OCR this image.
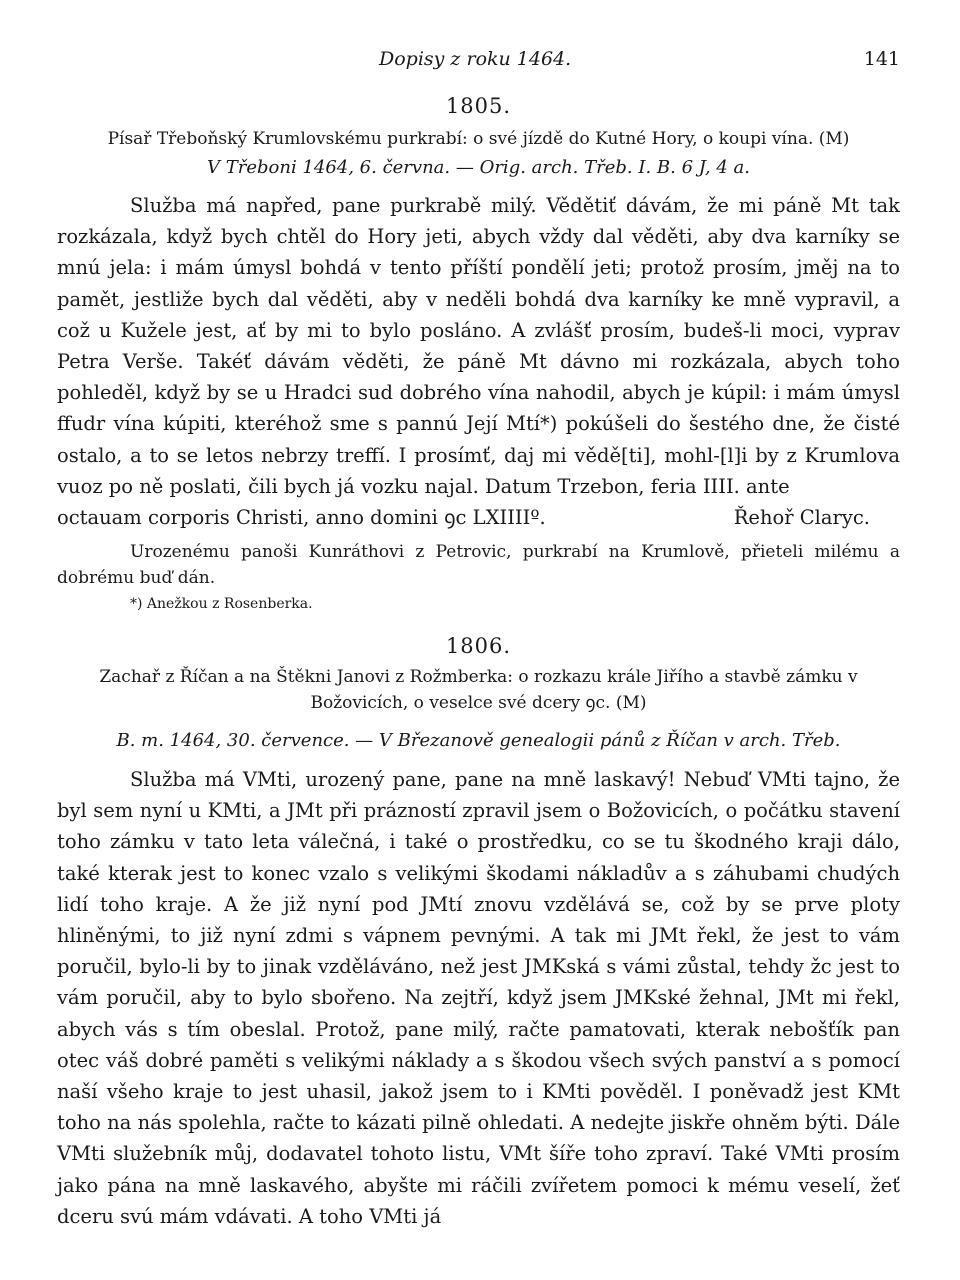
Dopisy z roku 1464.	141
1805.
Písař Třeboňský Krumlovskému purkrabí: o své jízdě do Kutné Hory, o koupi vína. (M)
V Třeboni 1464, 6. června. — Orig. arch. Třeb. I. B. 6 J, 4 a.

Služba má napřed, pane purkrabě milý. Vědětiť dávám, že mi páně Mt tak rozkázala, když bych chtěl do Hory jeti, abych vždy dal věděti, aby dva karníky se mnú jela: i mám úmysl bohdá v tento příští pondělí jeti; protož prosím, jměj na to pamět, jestliže bych dal věděti, aby v neděli bohdá dva karníky ke mně vypravil, a což u Kužele jest, ať by mi to bylo posláno. A zvlášť prosím, budeš-li moci, vyprav Petra Verše. Takéť dávám věděti, že páně Mt dávno mi rozkázala, abych toho pohleděl, když by se u Hradci sud dobrého vína nahodil, abych je kúpil: i mám úmysl ffudr vína kúpiti, kteréhož sme s pannú Její Mtí*) pokúšeli do šestého dne, že čisté ostalo, a to se letos nebrzy treffí. I prosímť, daj mi vědě[ti], mohl-[l]i by z Krumlova vuoz po ně poslati, čili bych já vozku najal. Datum Trzebon, feria IIII. ante

octauam corporis Christi, anno domini ꝯc LXIIIIº.	Řehoř Claryc.
Urozenému panoši Kunráthovi z Petrovic, purkrabí na Krumlově, přieteli milému a dobrému buď dán.
*) Anežkou z Rosenberka.
1806.
Zachař z Říčan a na Štěkni Janovi z Rožmberka: o rozkazu krále Jiřího a stavbě zámku v Božovicích, o veselce své dcery ꝯc. (M)
B. m. 1464, 30. července. — V Březanově genealogii pánů z Říčan v arch. Třeb.

Služba má VMti, urozený pane, pane na mně laskavý! Nebuď VMti tajno, že byl sem nyní u KMti, a JMt při prázností zpravil jsem o Božovicích, o počátku stavení toho zámku v tato leta válečná, i také o prostředku, co se tu škodného kraji dálo, také kterak jest to konec vzalo s velikými škodami nákladův a s záhubami chudých lidí toho kraje. A že již nyní pod JMtí znovu vzdělává se, což by se prve ploty hliněnými, to již nyní zdmi s vápnem pevnými. A tak mi JMt řekl, že jest to vám poručil, bylo-li by to jinak vzděláváno, než jest JMKská s vámi zůstal, tehdy žc jest to vám poručil, aby to bylo sbořeno. Na zejtří, když jsem JMKské žehnal, JMt mi řekl, abych vás s tím obeslal. Protož, pane milý, račte pamatovati, kterak nebošťík pan otec váš dobré paměti s velikými náklady a s škodou všech svých panství a s pomocí naší všeho kraje to jest uhasil, jakož jsem to i KMti pověděl. I poněvadž jest KMt toho na nás spolehla, račte to kázati pilně ohledati. A nedejte jiskře ohněm býti. Dále VMti služebník můj, dodavatel tohoto listu, VMt šíře toho zpraví. Také VMti prosím jako pána na mně laskavého, abyšte mi ráčili zvířetem pomoci k mému veselí, žeť dceru svú mám vdávati. A toho VMti já
